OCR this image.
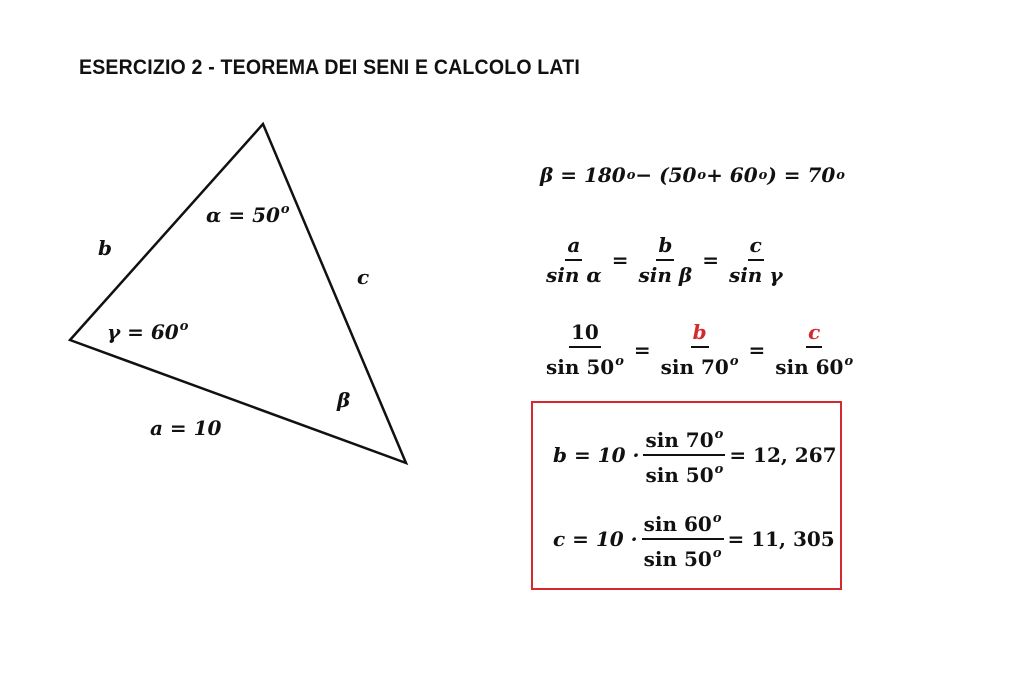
ESERCIZIO 2 - TEOREMA DEI SENI E CALCOLO LATI
b
c
a = 10
$\alpha = 50^o$
$\gamma = 60^o$
β
β = 180 o − (50 o + 60 o ) = 70 o
$\frac{a}{\text{sin α}} = \frac{b}{\text{sin β}} = \frac{c}{\text{sin γ}}$
$\frac{10}{\sin 50^o} = \frac{b}{\sin 70^o} = \frac{c}{\sin 60^o}$
$b = 10 \cdot \frac{\sin 70^o}{\sin 50^o} = 12$, 267
$c = 10 \cdot \frac{\sin 60^o}{\sin 50^o} = 11$, 305
